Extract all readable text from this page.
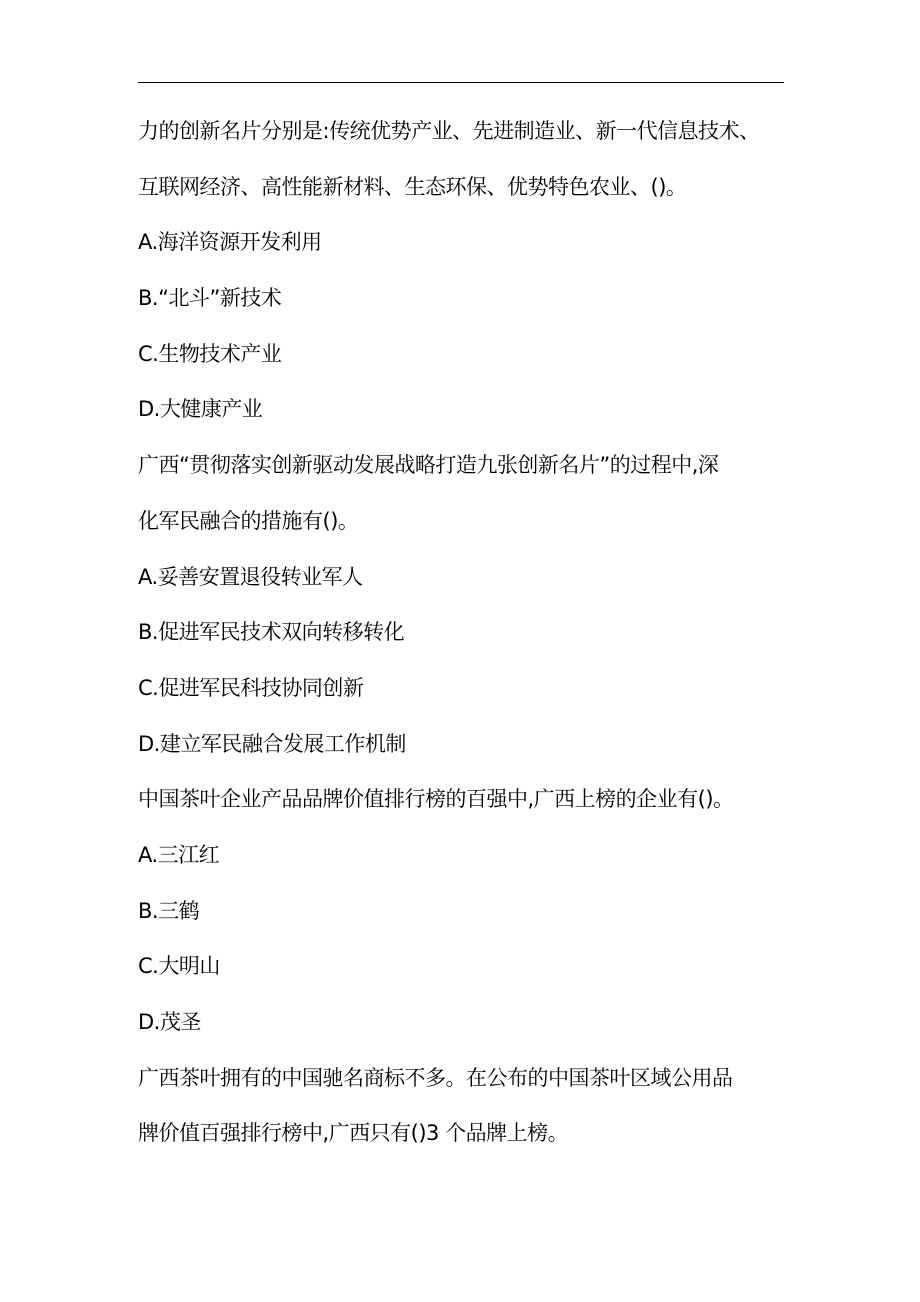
力的创新名片分别是:传统优势产业、先进制造业、新一代信息技术、
互联网经济、高性能新材料、生态环保、优势特色农业、()。
A.海洋资源开发利用
B.“北斗”新技术
C.生物技术产业
D.大健康产业
广西“贯彻落实创新驱动发展战略打造九张创新名片”的过程中,深
化军民融合的措施有()。
A.妥善安置退役转业军人
B.促进军民技术双向转移转化
C.促进军民科技协同创新
D.建立军民融合发展工作机制
中国茶叶企业产品品牌价值排行榜的百强中,广西上榜的企业有()。
A.三江红
B.三鹤
C.大明山
D.茂圣
广西茶叶拥有的中国驰名商标不多。在公布的中国茶叶区域公用品
牌价值百强排行榜中,广西只有()3 个品牌上榜。
